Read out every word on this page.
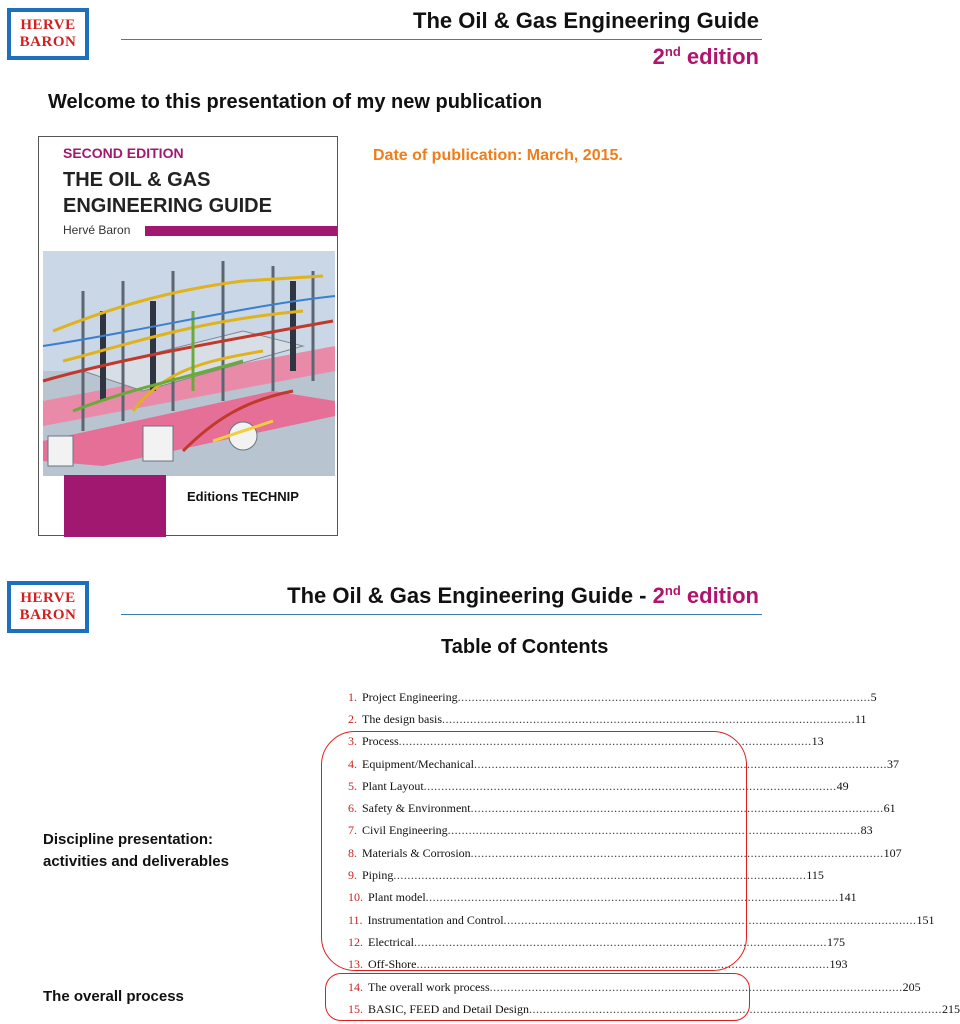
HERVE
BARON
The Oil & Gas Engineering Guide
2nd edition
Welcome to this presentation of my new publication
Date of publication: March, 2015.
SECOND EDITION
THE OIL & GAS
ENGINEERING GUIDE
Hervé Baron
Editions TECHNIP
HERVE
BARON
The Oil & Gas Engineering Guide - 2nd edition
Table of Contents
Discipline presentation:
activities and deliverables
The overall process
1. Project Engineering ...................................................................................................................... 5
2. The design basis ...................................................................................................................... 11
3. Process ...................................................................................................................... 13
4. Equipment/Mechanical ...................................................................................................................... 37
5. Plant Layout ...................................................................................................................... 49
6. Safety & Environment ...................................................................................................................... 61
7. Civil Engineering ...................................................................................................................... 83
8. Materials & Corrosion ...................................................................................................................... 107
9. Piping ...................................................................................................................... 115
10. Plant model ...................................................................................................................... 141
11. Instrumentation and Control ...................................................................................................................... 151
12. Electrical ...................................................................................................................... 175
13. Off-Shore ...................................................................................................................... 193
14. The overall work process ...................................................................................................................... 205
15. BASIC, FEED and Detail Design ...................................................................................................................... 215
